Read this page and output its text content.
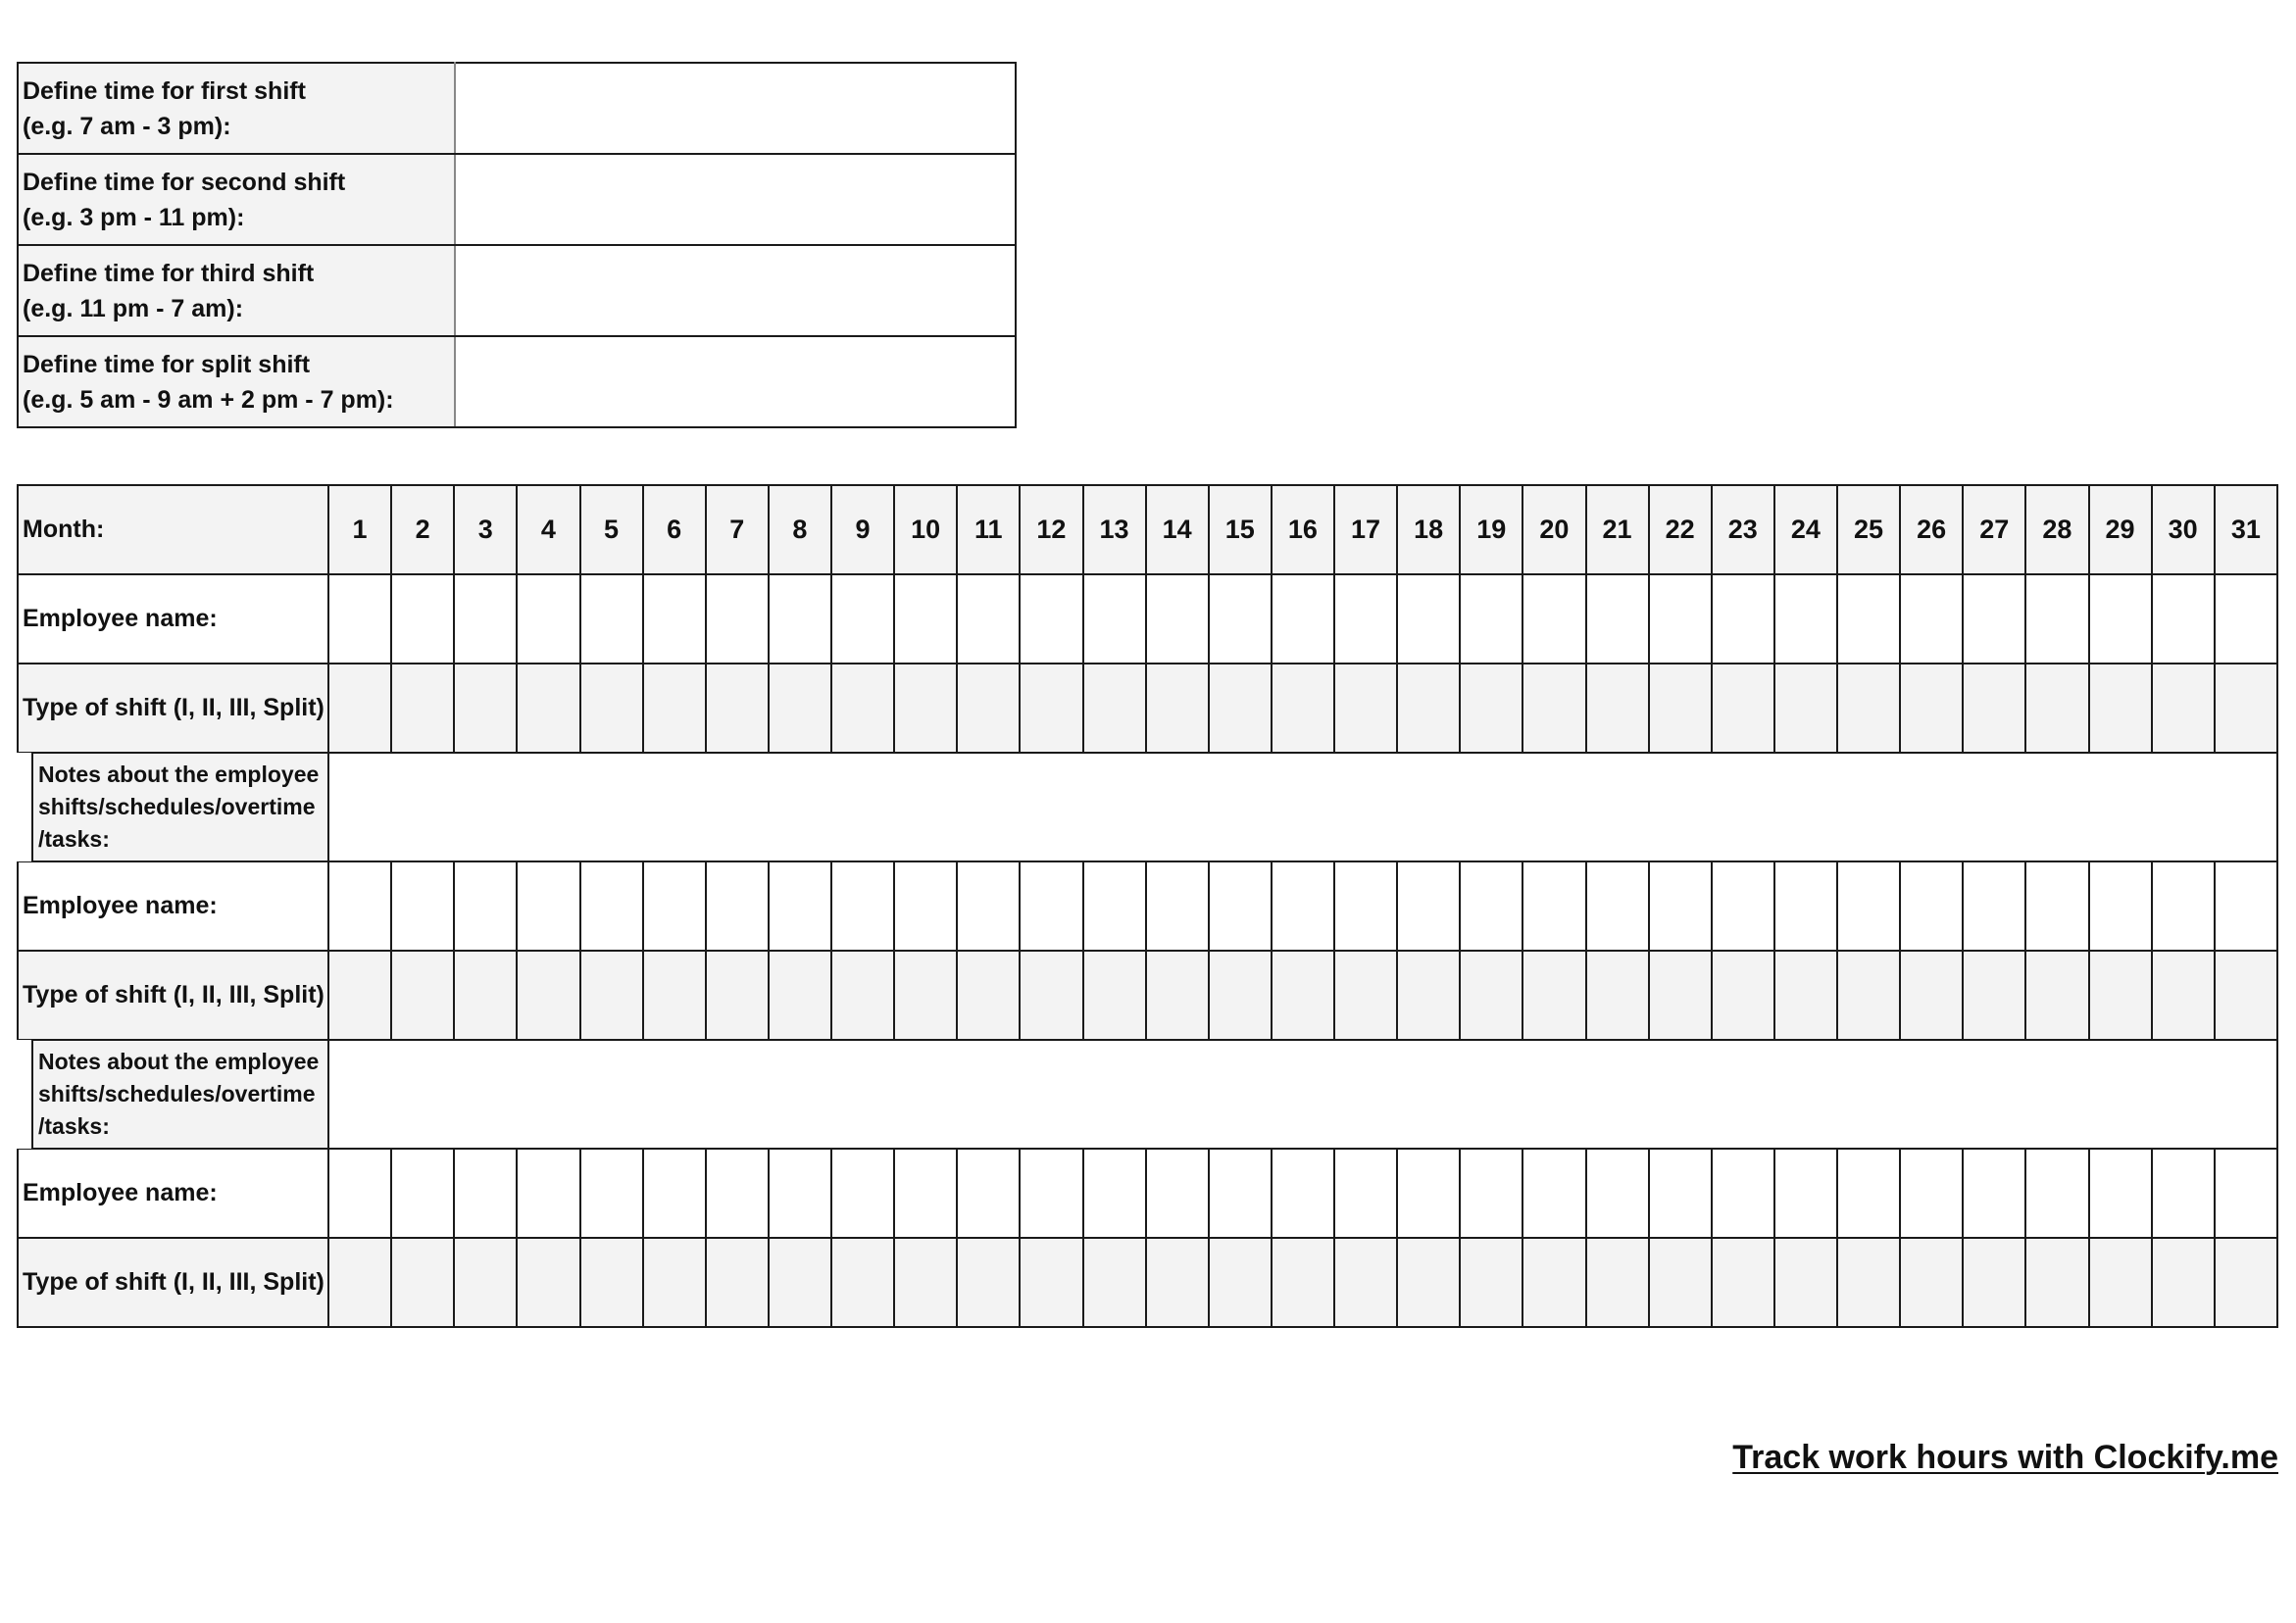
Define time for first shift
(e.g. 7 am - 3 pm):	

Define time for second shift
(e.g. 3 pm - 11 pm):	

Define time for third shift
(e.g. 11 pm - 7 am):	

Define time for split shift
(e.g. 5 am - 9 am + 2 pm - 7 pm):	

Month:	1	2	3	4	5	6	7	8	9	10	11	12	13	14	15	16	17	18	19	20	21	22	23	24	25	26	27	28	29	30	31
Employee name:																															
Type of shift (I, II, III, Split)																															

Notes about the employee
shifts/schedules/overtime
/tasks:																															

Employee name:																															
Type of shift (I, II, III, Split)																															

Notes about the employee
shifts/schedules/overtime
/tasks:																															

Employee name:																															
Type of shift (I, II, III, Split)																															
Track work hours with Clockify.me
